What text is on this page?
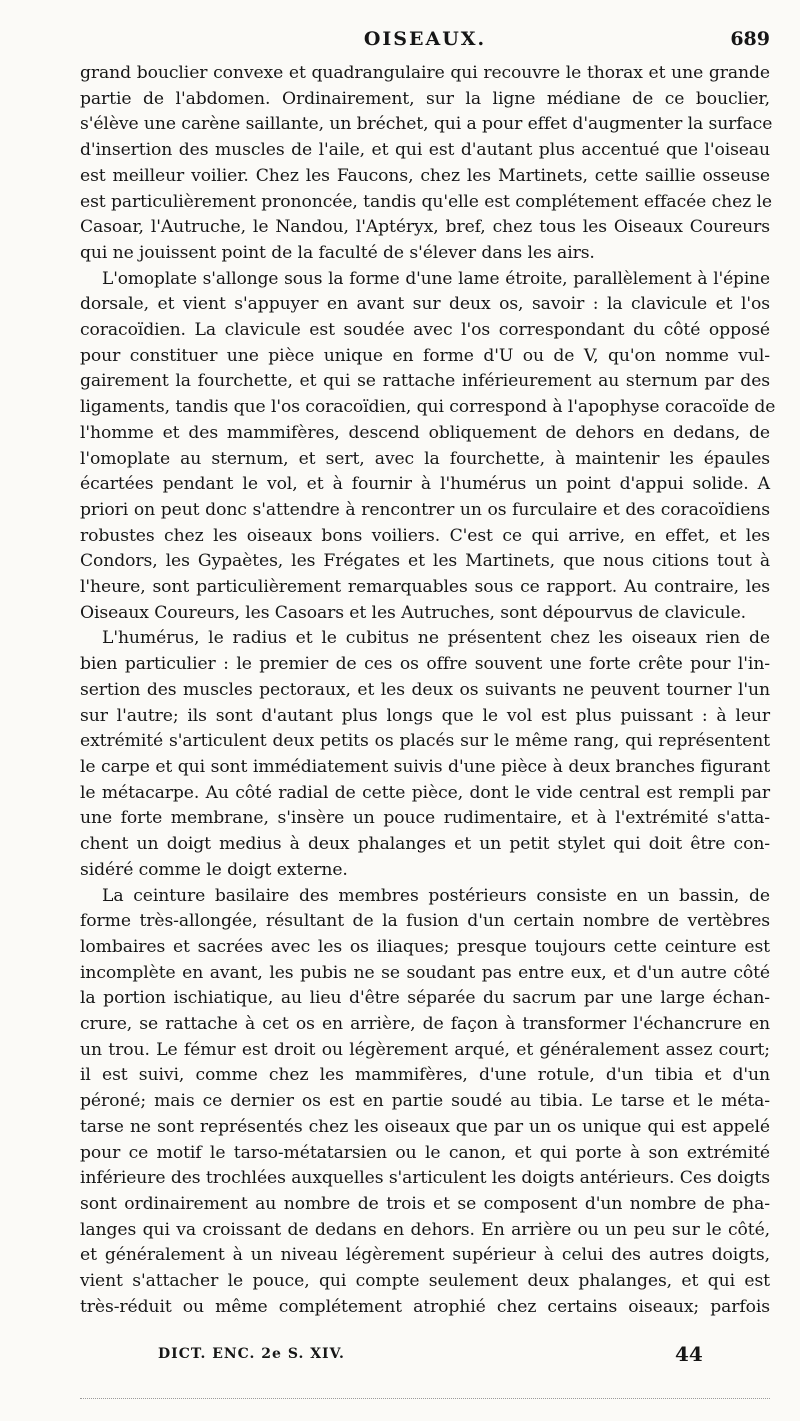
OISEAUX.	689
grand bouclier convexe et quadrangulaire qui recouvre le thorax et une grande
partie de l'abdomen. Ordinairement, sur la ligne médiane de ce bouclier,
s'élève une carène saillante, un bréchet, qui a pour effet d'augmenter la surface
d'insertion des muscles de l'aile, et qui est d'autant plus accentué que l'oiseau
est meilleur voilier. Chez les Faucons, chez les Martinets, cette saillie osseuse
est particulièrement prononcée, tandis qu'elle est complétement effacée chez le
Casoar, l'Autruche, le Nandou, l'Aptéryx, bref, chez tous les Oiseaux Coureurs
qui ne jouissent point de la faculté de s'élever dans les airs.
L'omoplate s'allonge sous la forme d'une lame étroite, parallèlement à l'épine
dorsale, et vient s'appuyer en avant sur deux os, savoir : la clavicule et l'os
coracoïdien. La clavicule est soudée avec l'os correspondant du côté opposé
pour constituer une pièce unique en forme d'U ou de V, qu'on nomme vul-
gairement la fourchette, et qui se rattache inférieurement au sternum par des
ligaments, tandis que l'os coracoïdien, qui correspond à l'apophyse coracoïde de
l'homme et des mammifères, descend obliquement de dehors en dedans, de
l'omoplate au sternum, et sert, avec la fourchette, à maintenir les épaules
écartées pendant le vol, et à fournir à l'humérus un point d'appui solide. A
priori on peut donc s'attendre à rencontrer un os furculaire et des coracoïdiens
robustes chez les oiseaux bons voiliers. C'est ce qui arrive, en effet, et les
Condors, les Gypaètes, les Frégates et les Martinets, que nous citions tout à
l'heure, sont particulièrement remarquables sous ce rapport. Au contraire, les
Oiseaux Coureurs, les Casoars et les Autruches, sont dépourvus de clavicule.
L'humérus, le radius et le cubitus ne présentent chez les oiseaux rien de
bien particulier : le premier de ces os offre souvent une forte crête pour l'in-
sertion des muscles pectoraux, et les deux os suivants ne peuvent tourner l'un
sur l'autre; ils sont d'autant plus longs que le vol est plus puissant : à leur
extrémité s'articulent deux petits os placés sur le même rang, qui représentent
le carpe et qui sont immédiatement suivis d'une pièce à deux branches figurant
le métacarpe. Au côté radial de cette pièce, dont le vide central est rempli par
une forte membrane, s'insère un pouce rudimentaire, et à l'extrémité s'atta-
chent un doigt medius à deux phalanges et un petit stylet qui doit être con-
sidéré comme le doigt externe.
La ceinture basilaire des membres postérieurs consiste en un bassin, de
forme très-allongée, résultant de la fusion d'un certain nombre de vertèbres
lombaires et sacrées avec les os iliaques; presque toujours cette ceinture est
incomplète en avant, les pubis ne se soudant pas entre eux, et d'un autre côté
la portion ischiatique, au lieu d'être séparée du sacrum par une large échan-
crure, se rattache à cet os en arrière, de façon à transformer l'échancrure en
un trou. Le fémur est droit ou légèrement arqué, et généralement assez court;
il est suivi, comme chez les mammifères, d'une rotule, d'un tibia et d'un
péroné; mais ce dernier os est en partie soudé au tibia. Le tarse et le méta-
tarse ne sont représentés chez les oiseaux que par un os unique qui est appelé
pour ce motif le tarso-métatarsien ou le canon, et qui porte à son extrémité
inférieure des trochlées auxquelles s'articulent les doigts antérieurs. Ces doigts
sont ordinairement au nombre de trois et se composent d'un nombre de pha-
langes qui va croissant de dedans en dehors. En arrière ou un peu sur le côté,
et généralement à un niveau légèrement supérieur à celui des autres doigts,
vient s'attacher le pouce, qui compte seulement deux phalanges, et qui est
très-réduit ou même complétement atrophié chez certains oiseaux; parfois
DICT. ENC. 2e S. XIV.	44
